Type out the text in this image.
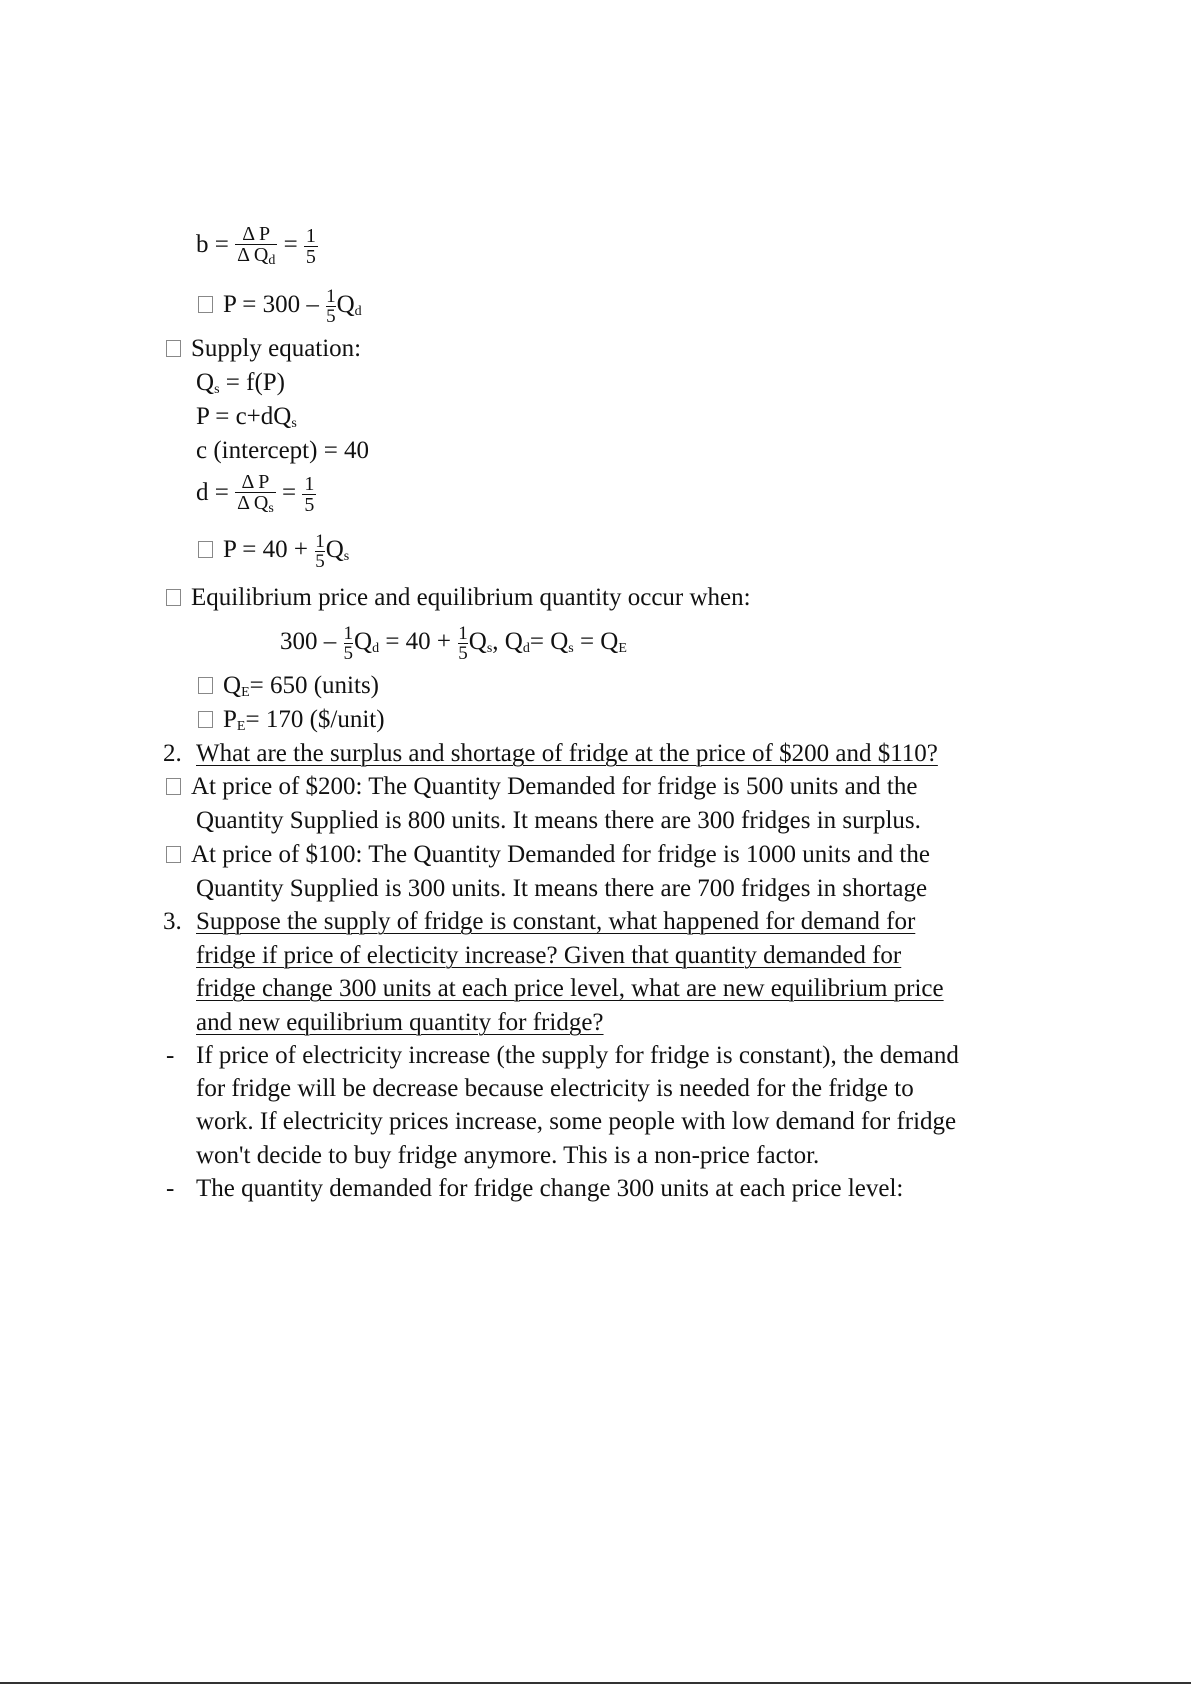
$b = \frac{\text{Δ P}}{\Delta Q_d} = \frac{1}{5}$
$P = 300 - \frac{1}{5} Q_d$
Supply equation:
$Q_s = f(P)$
$P = c+dQ_s$
c (intercept) = 40
$d = \frac{\text{Δ P}}{\Delta Q_s} = \frac{1}{5}$
$P = 40 + \frac{1}{5} Q_s$
Equilibrium price and equilibrium quantity occur when:
$300 - \frac{1}{5} Q_d = 40 + \frac{1}{5} Q_s$, $Q_d= Q_s = Q_E$
$Q_E= 650$ (units)
$P_E= 170$ ($/unit)
2. What are the surplus and shortage of fridge at the price of $200 and $110?
At price of $200: The Quantity Demanded for fridge is 500 units and the
Quantity Supplied is 800 units. It means there are 300 fridges in surplus.
At price of $100: The Quantity Demanded for fridge is 1000 units and the
Quantity Supplied is 300 units. It means there are 700 fridges in shortage
3. Suppose the supply of fridge is constant, what happened for demand for
fridge if price of electicity increase? Given that quantity demanded for
fridge change 300 units at each price level, what are new equilibrium price
and new equilibrium quantity for fridge?
- If price of electricity increase (the supply for fridge is constant), the demand
for fridge will be decrease because electricity is needed for the fridge to
work. If electricity prices increase, some people with low demand for fridge
won't decide to buy fridge anymore. This is a non-price factor.
- The quantity demanded for fridge change 300 units at each price level:
